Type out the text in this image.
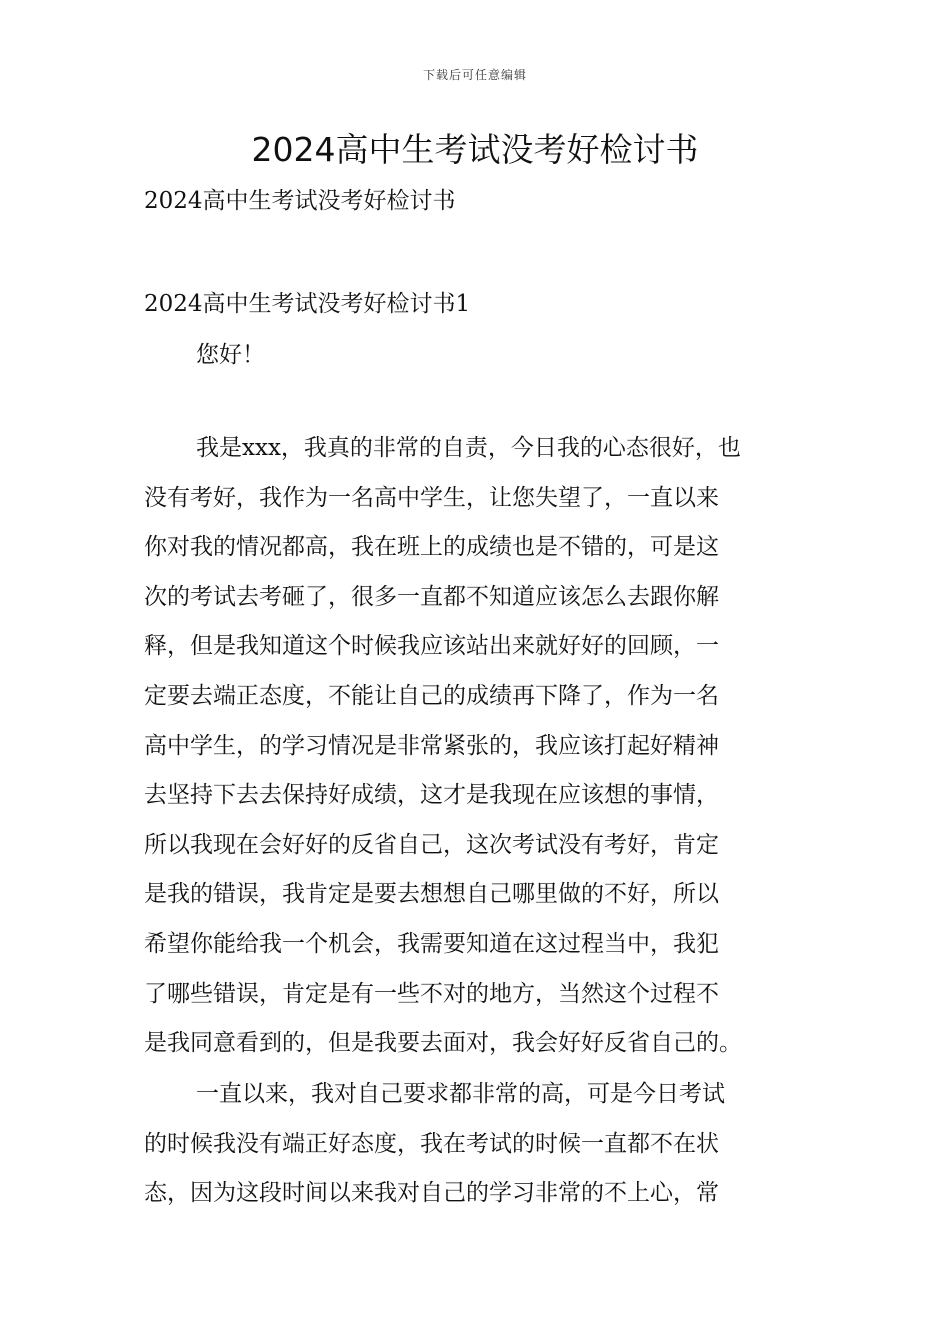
下载后可任意编辑
2024高中生考试没考好检讨书

2024高中生考试没考好检讨书

2024高中生考试没考好检讨书1

您好！

我是xxx，我真的非常的自责，今日我的心态很好，也
没有考好，我作为一名高中学生，让您失望了，一直以来
你对我的情况都高，我在班上的成绩也是不错的，可是这
次的考试去考砸了，很多一直都不知道应该怎么去跟你解
释，但是我知道这个时候我应该站出来就好好的回顾，一
定要去端正态度，不能让自己的成绩再下降了，作为一名
高中学生，的学习情况是非常紧张的，我应该打起好精神
去坚持下去去保持好成绩，这才是我现在应该想的事情，
所以我现在会好好的反省自己，这次考试没有考好，肯定
是我的错误，我肯定是要去想想自己哪里做的不好，所以
希望你能给我一个机会，我需要知道在这过程当中，我犯
了哪些错误，肯定是有一些不对的地方，当然这个过程不
是我同意看到的，但是我要去面对，我会好好反省自己的。
一直以来，我对自己要求都非常的高，可是今日考试
的时候我没有端正好态度，我在考试的时候一直都不在状
态，因为这段时间以来我对自己的学习非常的不上心，常
